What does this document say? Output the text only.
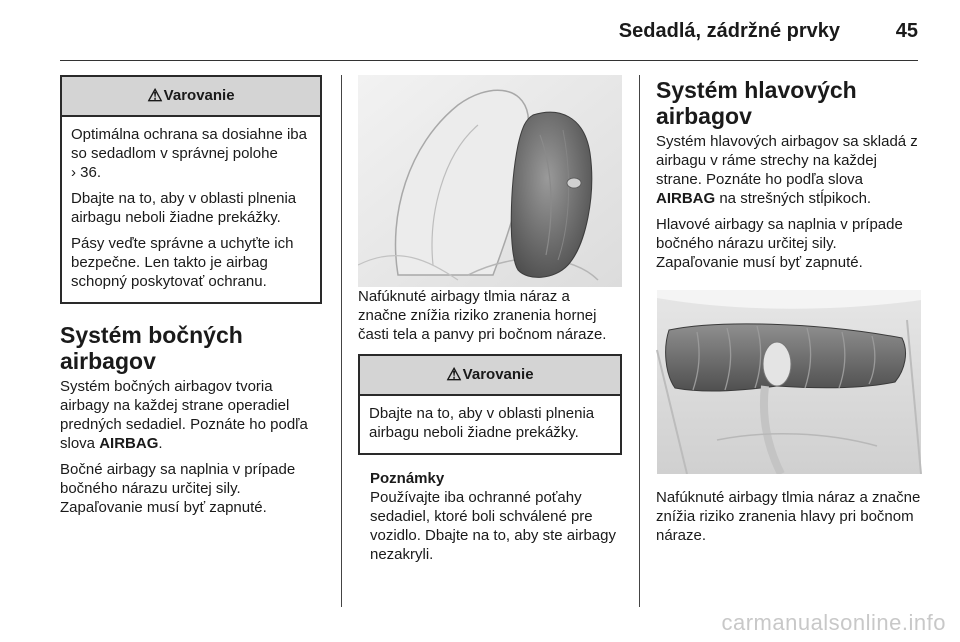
Sedadlá, zádržné prvky	45
⚠Varovanie

Optimálna ochrana sa dosiahne iba so sedadlom v správnej polohe
› 36.

Dbajte na to, aby v oblasti plnenia airbagu neboli žiadne prekážky.

Pásy veďte správne a uchyťte ich bezpečne. Len takto je airbag schopný poskytovať ochranu.

Systém bočných airbagov

Systém bočných airbagov tvoria airbagy na každej strane operadiel predných sedadiel. Poznáte ho podľa slova AIRBAG.

Bočné airbagy sa naplnia v prípade bočného nárazu určitej sily.

Zapaľovanie musí byť zapnuté.

Nafúknuté airbagy tlmia náraz a značne znížia riziko zranenia hornej časti tela a panvy pri bočnom náraze.

⚠Varovanie

Dbajte na to, aby v oblasti plnenia airbagu neboli žiadne prekážky.

Poznámky
Používajte iba ochranné poťahy sedadiel, ktoré boli schválené pre vozidlo. Dbajte na to, aby ste airbagy nezakryli.
Systém hlavových airbagov

Systém hlavových airbagov sa skladá z airbagu v ráme strechy na každej strane. Poznáte ho podľa slova AIRBAG na strešných stĺpikoch.

Hlavové airbagy sa naplnia v prípade bočného nárazu určitej sily.

Zapaľovanie musí byť zapnuté.

Nafúknuté airbagy tlmia náraz a značne znížia riziko zranenia hlavy pri bočnom náraze.

carmanualsonline.info
